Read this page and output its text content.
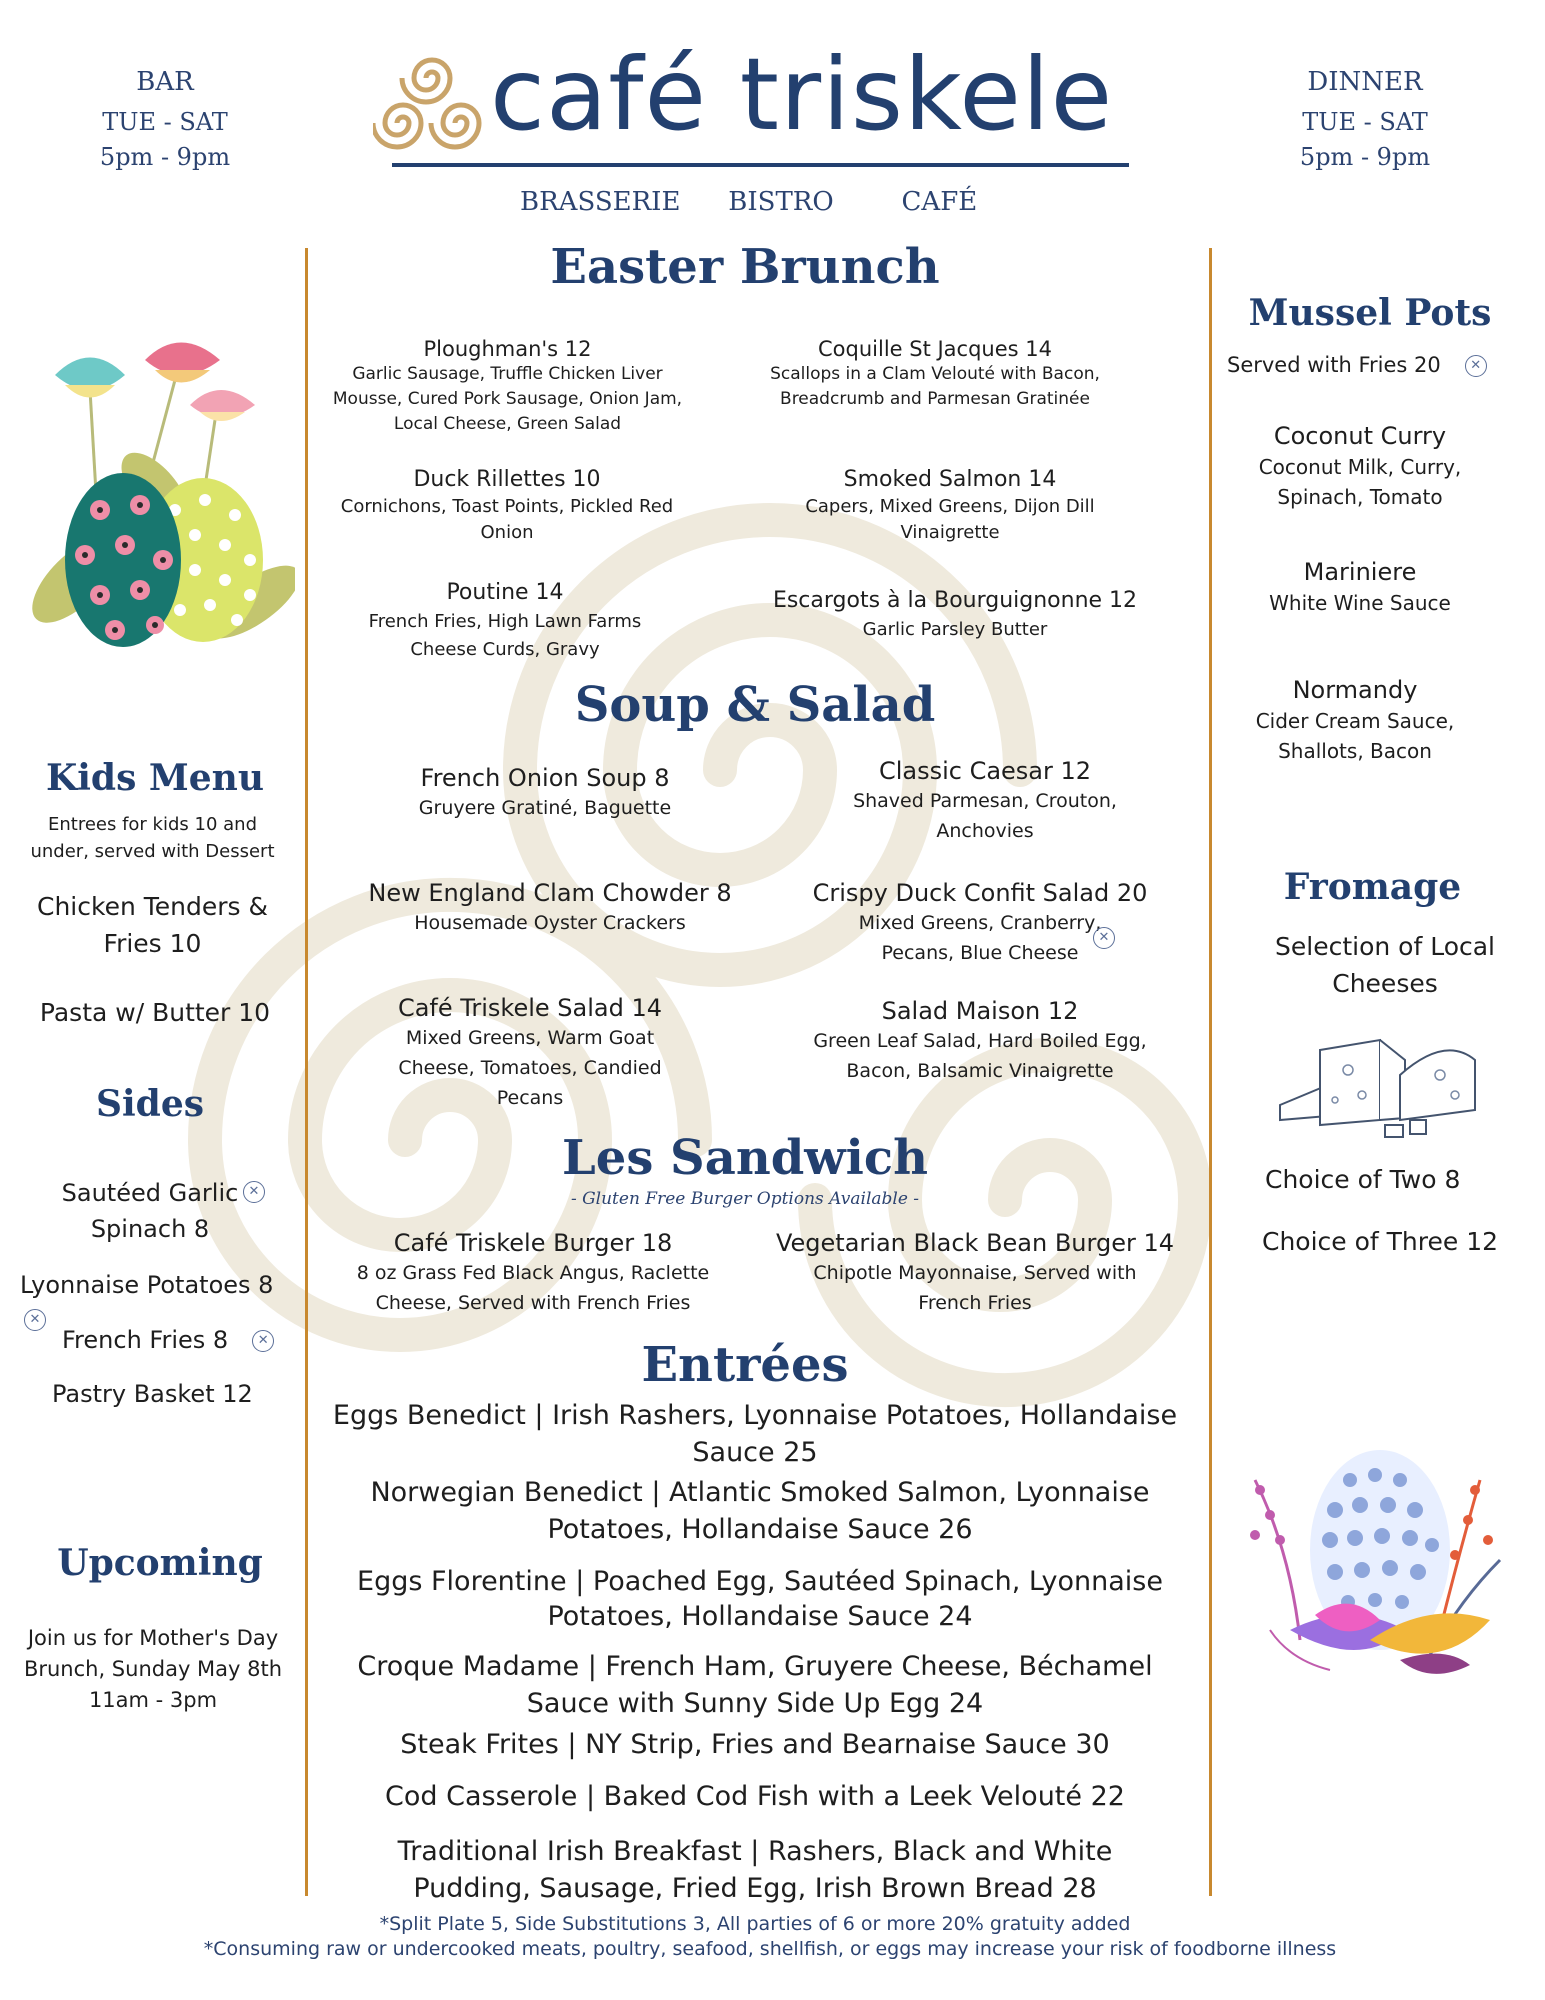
BAR
TUE - SAT
5pm - 9pm
DINNER
TUE - SAT
5pm - 9pm
café triskele
BRASSERIE BISTRO	CAFÉ
Easter Brunch
Ploughman's 12
Garlic Sausage, Truffle Chicken Liver Mousse, Cured Pork Sausage, Onion Jam, Local Cheese, Green Salad
Coquille St Jacques 14
Scallops in a Clam Velouté with Bacon, Breadcrumb and Parmesan Gratinée
Duck Rillettes 10
Cornichons, Toast Points, Pickled Red Onion
Smoked Salmon 14
Capers, Mixed Greens, Dijon Dill Vinaigrette
Poutine 14
French Fries, High Lawn Farms Cheese Curds, Gravy
Escargots à la Bourguignonne 12
Garlic Parsley Butter
Soup & Salad
French Onion Soup 8
Gruyere Gratiné, Baguette
Classic Caesar 12
Shaved Parmesan, Crouton, Anchovies
New England Clam Chowder 8
Housemade Oyster Crackers
Crispy Duck Confit Salad 20
Mixed Greens, Cranberry, Pecans, Blue Cheese
✕
Café Triskele Salad 14
Mixed Greens, Warm Goat Cheese, Tomatoes, Candied Pecans
Salad Maison 12
Green Leaf Salad, Hard Boiled Egg, Bacon, Balsamic Vinaigrette
Les Sandwich
- Gluten Free Burger Options Available -
Café Triskele Burger 18
8 oz Grass Fed Black Angus, Raclette Cheese, Served with French Fries
Vegetarian Black Bean Burger 14
Chipotle Mayonnaise, Served with French Fries
Entrées
Eggs Benedict | Irish Rashers, Lyonnaise Potatoes, Hollandaise Sauce 25
Norwegian Benedict | Atlantic Smoked Salmon, Lyonnaise Potatoes, Hollandaise Sauce 26
Eggs Florentine | Poached Egg, Sautéed Spinach, Lyonnaise Potatoes, Hollandaise Sauce 24
Croque Madame | French Ham, Gruyere Cheese, Béchamel Sauce with Sunny Side Up Egg 24
Steak Frites | NY Strip, Fries and Bearnaise Sauce 30
Cod Casserole | Baked Cod Fish with a Leek Velouté 22
Traditional Irish Breakfast | Rashers, Black and White Pudding, Sausage, Fried Egg, Irish Brown Bread 28
*Split Plate 5, Side Substitutions 3, All parties of 6 or more 20% gratuity added
*Consuming raw or undercooked meats, poultry, seafood, shellfish, or eggs may increase your risk of foodborne illness
Kids Menu
Entrees for kids 10 and under, served with Dessert
Chicken Tenders & Fries 10
Pasta w/ Butter 10
Sides
Sautéed Garlic Spinach 8
✕
Lyonnaise Potatoes 8✕
French Fries 8 ✕
Pastry Basket 12
Upcoming
Join us for Mother's Day Brunch, Sunday May 8th 11am - 3pm
Mussel Pots
Served with Fries 20 ✕
Coconut Curry
Coconut Milk, Curry, Spinach, Tomato
Mariniere
White Wine Sauce
Normandy
Cider Cream Sauce, Shallots, Bacon
Fromage
Selection of Local Cheeses
Choice of Two 8
Choice of Three 12
